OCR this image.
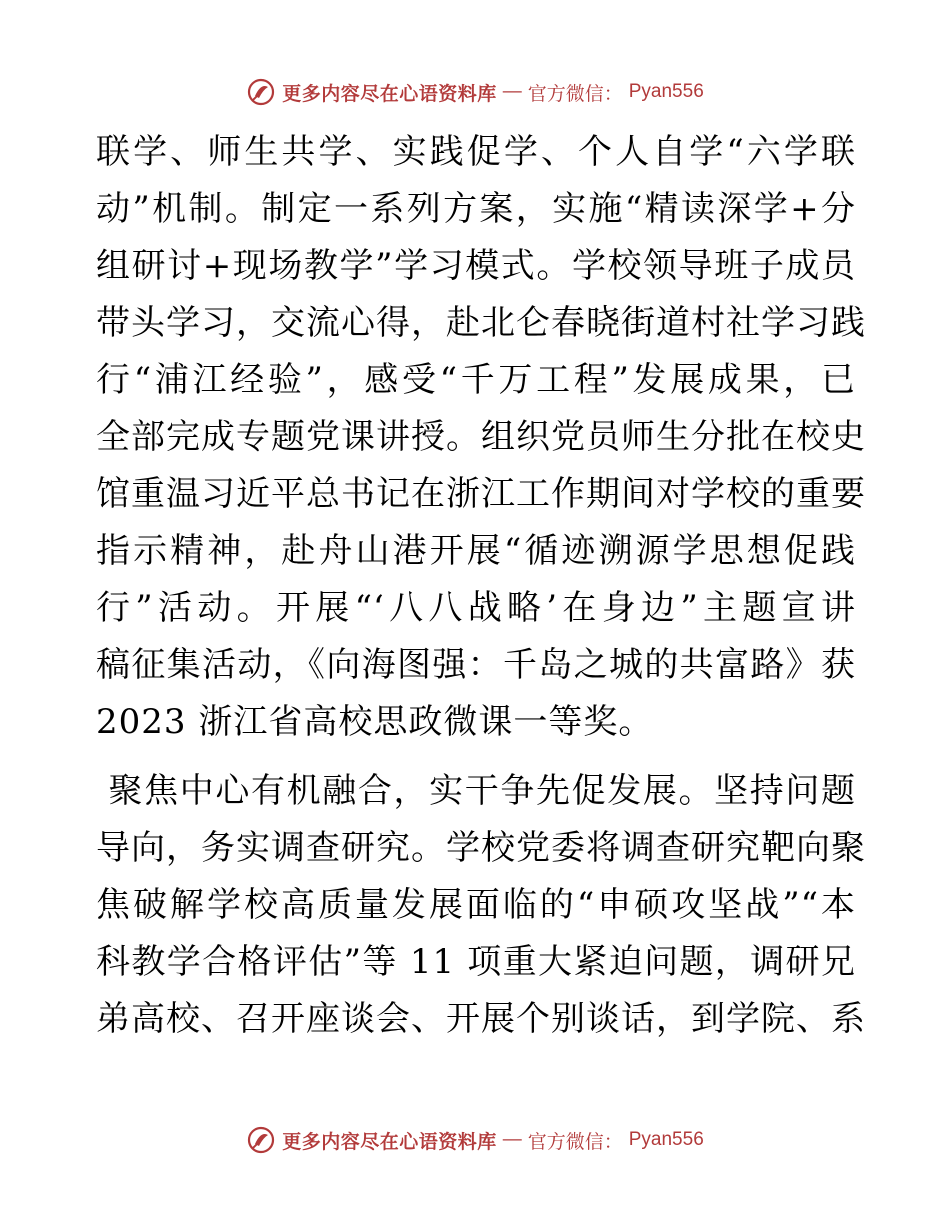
更多内容尽在心语资料库 — 官方微信： Pyan556
联学、师生共学、实践促学、个人自学“六学联
动”机制。制定一系列方案，实施“精读深学+分
组研讨+现场教学”学习模式。学校领导班子成员
带头学习，交流心得，赴北仑春晓街道村社学习践
行“浦江经验”，感受“千万工程”发展成果，已
全部完成专题党课讲授。组织党员师生分批在校史
馆重温习近平总书记在浙江工作期间对学校的重要
指示精神，赴舟山港开展“循迹溯源学思想促践
行”活动。开展“‘八八战略’在身边”主题宣讲
稿征集活动，《向海图强：千岛之城的共富路》获
2023 浙江省高校思政微课一等奖。
聚焦中心有机融合，实干争先促发展。坚持问题
导向，务实调查研究。学校党委将调查研究靶向聚
焦破解学校高质量发展面临的“申硕攻坚战”“本
科教学合格评估”等 11 项重大紧迫问题，调研兄
弟高校、召开座谈会、开展个别谈话，到学院、系
更多内容尽在心语资料库 — 官方微信： Pyan556
